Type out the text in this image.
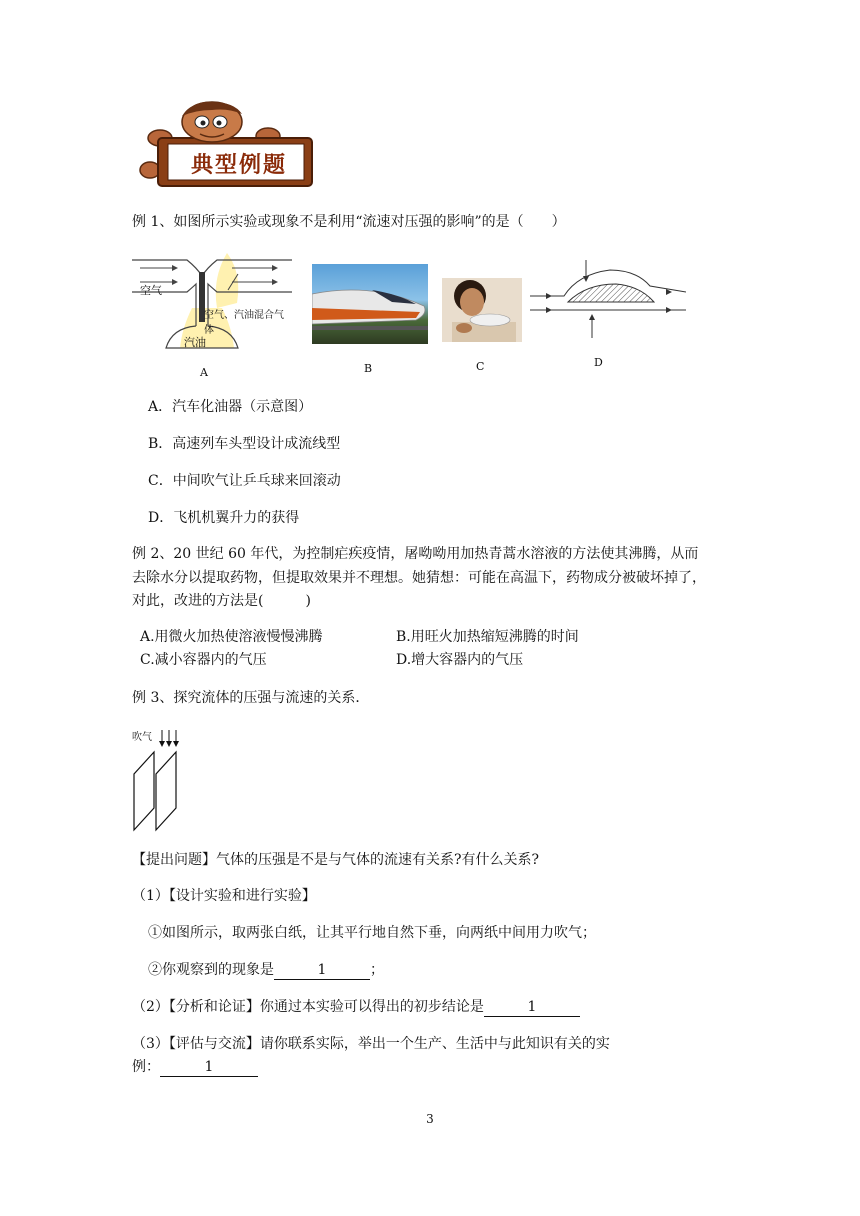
典型例题
例 1、如图所示实验或现象不是利用“流速对压强的影响”的是（　　）
空气
空气、汽油混合气体
汽油
A	B	C	D
A．汽车化油器（示意图）
B．高速列车头型设计成流线型
C．中间吹气让乒乓球来回滚动
D．飞机机翼升力的获得
例 2、20 世纪 60 年代，为控制疟疾疫情，屠呦呦用加热青蒿水溶液的方法使其沸腾，从而
去除水分以提取药物，但提取效果并不理想。她猜想：可能在高温下，药物成分被破坏掉了，
对此，改进的方法是(　　　)
A.用微火加热使溶液慢慢沸腾	B.用旺火加热缩短沸腾的时间
C.减小容器内的气压	D.增大容器内的气压
例 3、探究流体的压强与流速的关系．
吹气
【提出问题】气体的压强是不是与气体的流速有关系?有什么关系?
（1）【设计实验和进行实验】
①如图所示，取两张白纸，让其平行地自然下垂，向两纸中间用力吹气；
②你观察到的现象是	1	；
（2）【分析和论证】你通过本实验可以得出的初步结论是	1
（3）【评估与交流】请你联系实际，举出一个生产、生活中与此知识有关的实
例：	1
3
